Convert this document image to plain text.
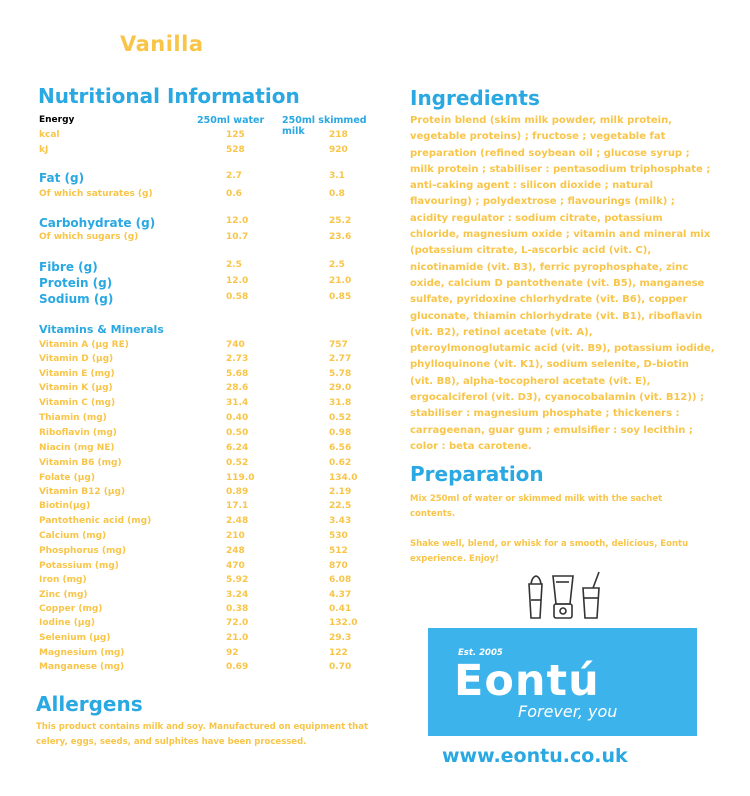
Vanilla
Nutritional Information
Energy	250ml water 250ml skimmed milk
kcal	125	218
kJ	528	920
Fat (g)	2.7	3.1
Of which saturates (g)	0.6	0.8
Carbohydrate (g)	12.0	25.2
Of which sugars (g)	10.7	23.6
Fibre (g)	2.5	2.5
Protein (g)	12.0	21.0
Sodium (g)	0.58	0.85
Vitamins & Minerals
Vitamin A (µg RE)	740	757
Vitamin D (µg)	2.73	2.77
Vitamin E (mg)	5.68	5.78
Vitamin K (µg)	28.6	29.0
Vitamin C (mg)	31.4	31.8
Thiamin (mg)	0.40	0.52
Riboflavin (mg)	0.50	0.98
Niacin (mg NE)	6.24	6.56
Vitamin B6 (mg)	0.52	0.62
Folate (µg)	119.0	134.0
Vitamin B12 (µg)	0.89	2.19
Biotin(µg)	17.1	22.5
Pantothenic acid (mg)	2.48	3.43
Calcium (mg)	210	530
Phosphorus (mg)	248	512
Potassium (mg)	470	870
Iron (mg)	5.92	6.08
Zinc (mg)	3.24	4.37
Copper (mg)	0.38	0.41
Iodine (µg)	72.0	132.0
Selenium (µg)	21.0	29.3
Magnesium (mg)	92	122
Manganese (mg)	0.69	0.70
Ingredients
Protein blend (skim milk powder, milk protein, vegetable proteins) ; fructose ; vegetable fat preparation (refined soybean oil ; glucose syrup ; milk protein ; stabiliser : pentasodium triphosphate ; anti-caking agent : silicon dioxide ; natural flavouring) ; polydextrose ; flavourings (milk) ; acidity regulator : sodium citrate, potassium chloride, magnesium oxide ; vitamin and mineral mix (potassium citrate, L-ascorbic acid (vit. C), nicotinamide (vit. B3), ferric pyrophosphate, zinc oxide, calcium D pantothenate (vit. B5), manganese sulfate, pyridoxine chlorhydrate (vit. B6), copper gluconate, thiamin chlorhydrate (vit. B1), riboflavin (vit. B2), retinol acetate (vit. A), pteroylmonoglutamic acid (vit. B9), potassium iodide, phylloquinone (vit. K1), sodium selenite, D-biotin (vit. B8), alpha-tocopherol acetate (vit. E), ergocalciferol (vit. D3), cyanocobalamin (vit. B12)) ; stabiliser : magnesium phosphate ; thickeners : carrageenan, guar gum ; emulsifier : soy lecithin ; color : beta carotene.
Preparation
Mix 250ml of water or skimmed milk with the sachet contents.
Shake well, blend, or whisk for a smooth, delicious, Eontu experience. Enjoy!
Est. 2005
Eontú
Forever, you
www.eontu.co.uk
Allergens
This product contains milk and soy. Manufactured on equipment that celery, eggs, seeds, and sulphites have been processed.
